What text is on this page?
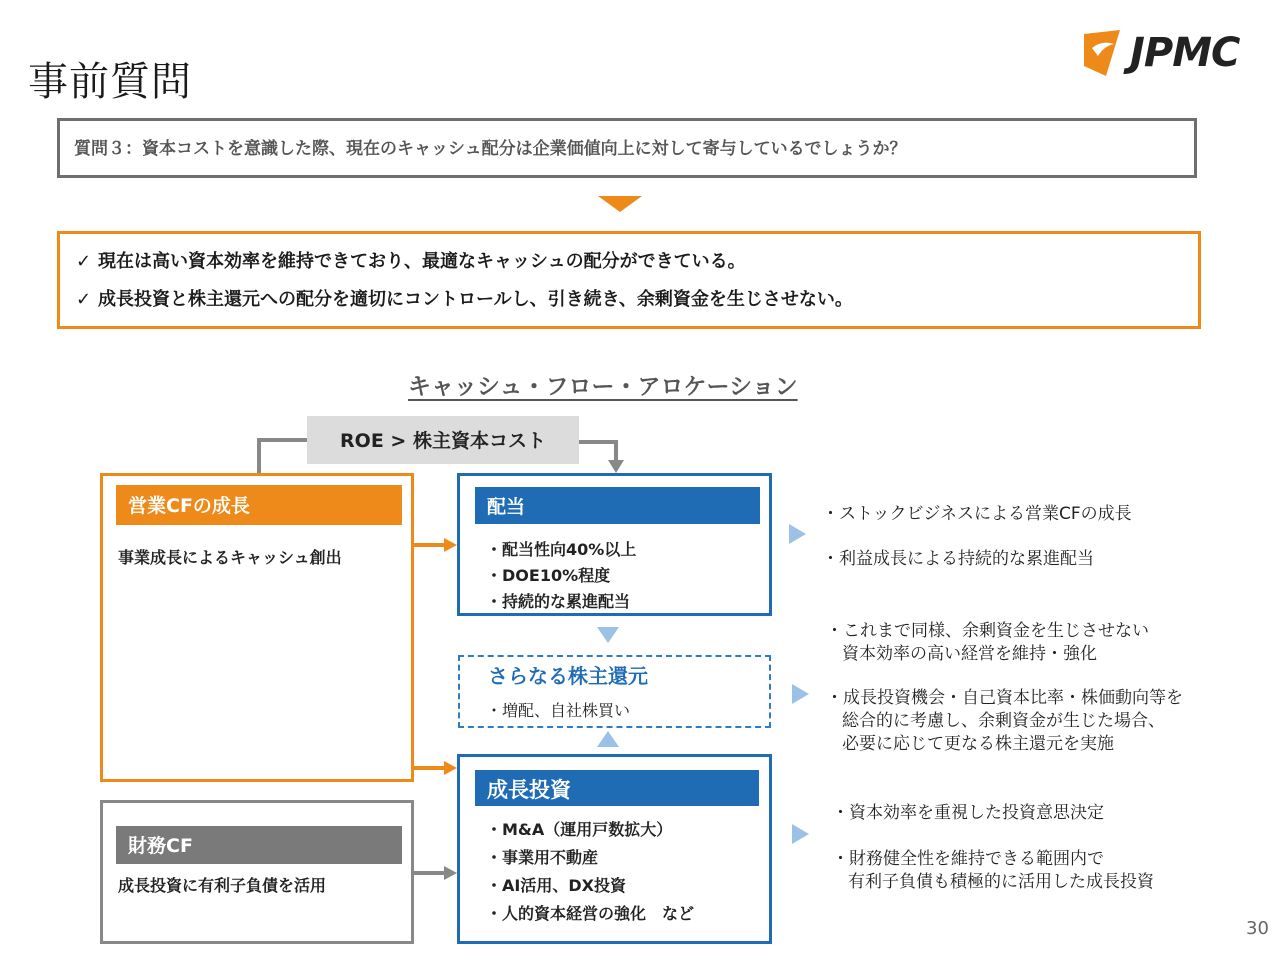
事前質問
JPMC
質問３：資本コストを意識した際、現在のキャッシュ配分は企業価値向上に対して寄与しているでしょうか？
✓ 現在は高い資本効率を維持できており、最適なキャッシュの配分ができている。
✓ 成長投資と株主還元への配分を適切にコントロールし、引き続き、余剰資金を生じさせない。
キャッシュ・フロー・アロケーション
ROE > 株主資本コスト
営業CFの成長
事業成長によるキャッシュ創出
財務CF
成長投資に有利子負債を活用
配当
・配当性向40%以上
・DOE10%程度
・持続的な累進配当
さらなる株主還元
・増配、自社株買い
成長投資
・M&A（運用戸数拡大）
・事業用不動産
・AI活用、DX投資
・人的資本経営の強化　など
・ストックビジネスによる営業CFの成長
・利益成長による持続的な累進配当
・これまで同様、余剰資金を生じさせない
資本効率の高い経営を維持・強化
・成長投資機会・自己資本比率・株価動向等を
総合的に考慮し、余剰資金が生じた場合、
必要に応じて更なる株主還元を実施
・資本効率を重視した投資意思決定
・財務健全性を維持できる範囲内で
有利子負債も積極的に活用した成長投資
30
